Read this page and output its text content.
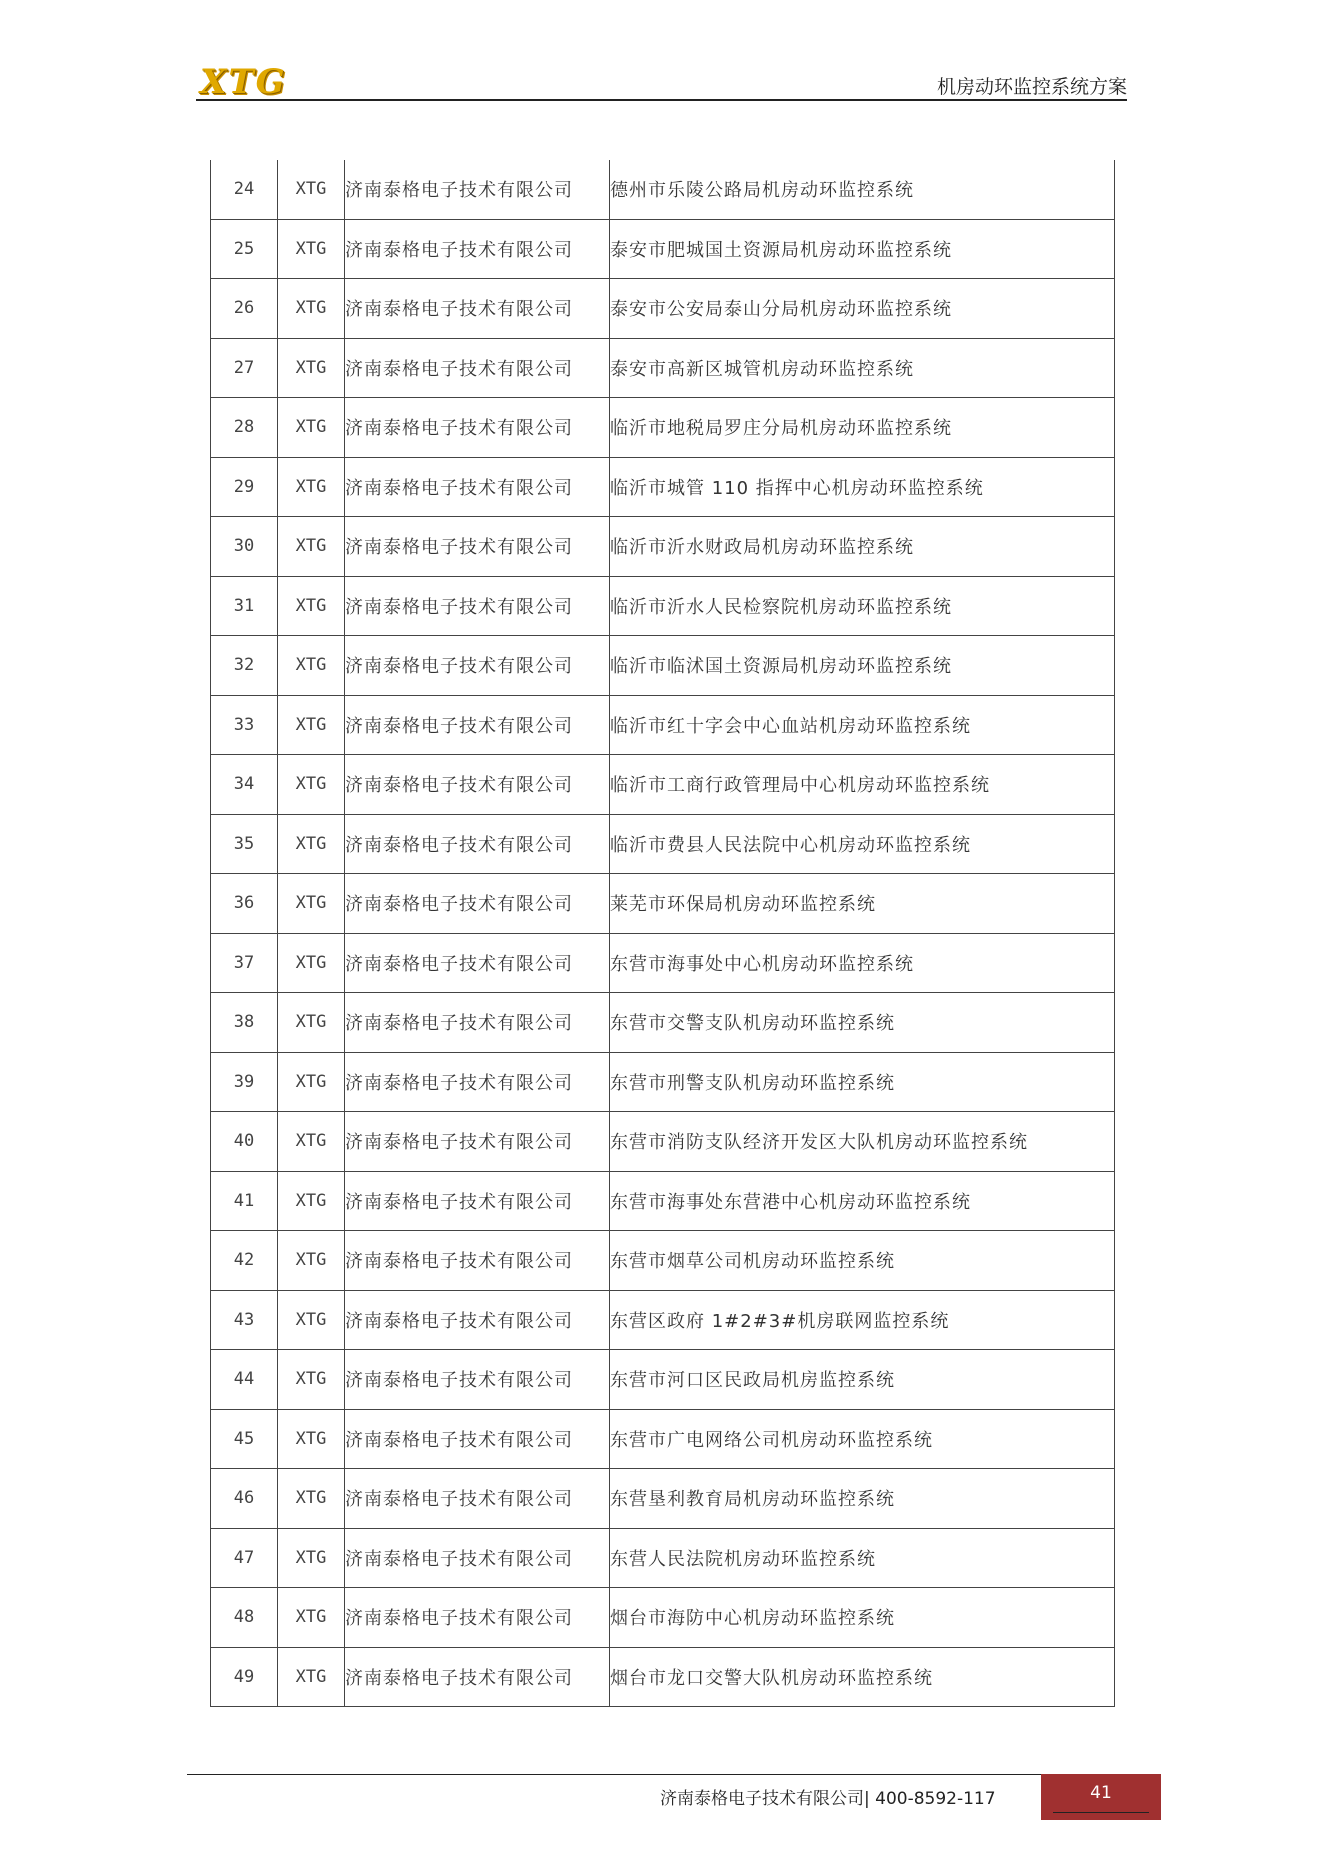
XTG	机房动环监控系统方案
24	XTG	济南泰格电子技术有限公司	德州市乐陵公路局机房动环监控系统
25	XTG	济南泰格电子技术有限公司	泰安市肥城国土资源局机房动环监控系统
26	XTG	济南泰格电子技术有限公司	泰安市公安局泰山分局机房动环监控系统
27	XTG	济南泰格电子技术有限公司	泰安市高新区城管机房动环监控系统
28	XTG	济南泰格电子技术有限公司	临沂市地税局罗庄分局机房动环监控系统
29	XTG	济南泰格电子技术有限公司	临沂市城管 110 指挥中心机房动环监控系统
30	XTG	济南泰格电子技术有限公司	临沂市沂水财政局机房动环监控系统
31	XTG	济南泰格电子技术有限公司	临沂市沂水人民检察院机房动环监控系统
32	XTG	济南泰格电子技术有限公司	临沂市临沭国土资源局机房动环监控系统
33	XTG	济南泰格电子技术有限公司	临沂市红十字会中心血站机房动环监控系统
34	XTG	济南泰格电子技术有限公司	临沂市工商行政管理局中心机房动环监控系统
35	XTG	济南泰格电子技术有限公司	临沂市费县人民法院中心机房动环监控系统
36	XTG	济南泰格电子技术有限公司	莱芜市环保局机房动环监控系统
37	XTG	济南泰格电子技术有限公司	东营市海事处中心机房动环监控系统
38	XTG	济南泰格电子技术有限公司	东营市交警支队机房动环监控系统
39	XTG	济南泰格电子技术有限公司	东营市刑警支队机房动环监控系统
40	XTG	济南泰格电子技术有限公司	东营市消防支队经济开发区大队机房动环监控系统
41	XTG	济南泰格电子技术有限公司	东营市海事处东营港中心机房动环监控系统
42	XTG	济南泰格电子技术有限公司	东营市烟草公司机房动环监控系统
43	XTG	济南泰格电子技术有限公司	东营区政府 1#2#3#机房联网监控系统
44	XTG	济南泰格电子技术有限公司	东营市河口区民政局机房监控系统
45	XTG	济南泰格电子技术有限公司	东营市广电网络公司机房动环监控系统
46	XTG	济南泰格电子技术有限公司	东营垦利教育局机房动环监控系统
47	XTG	济南泰格电子技术有限公司	东营人民法院机房动环监控系统
48	XTG	济南泰格电子技术有限公司	烟台市海防中心机房动环监控系统
49	XTG	济南泰格电子技术有限公司	烟台市龙口交警大队机房动环监控系统
济南泰格电子技术有限公司| 400-8592-117	41
